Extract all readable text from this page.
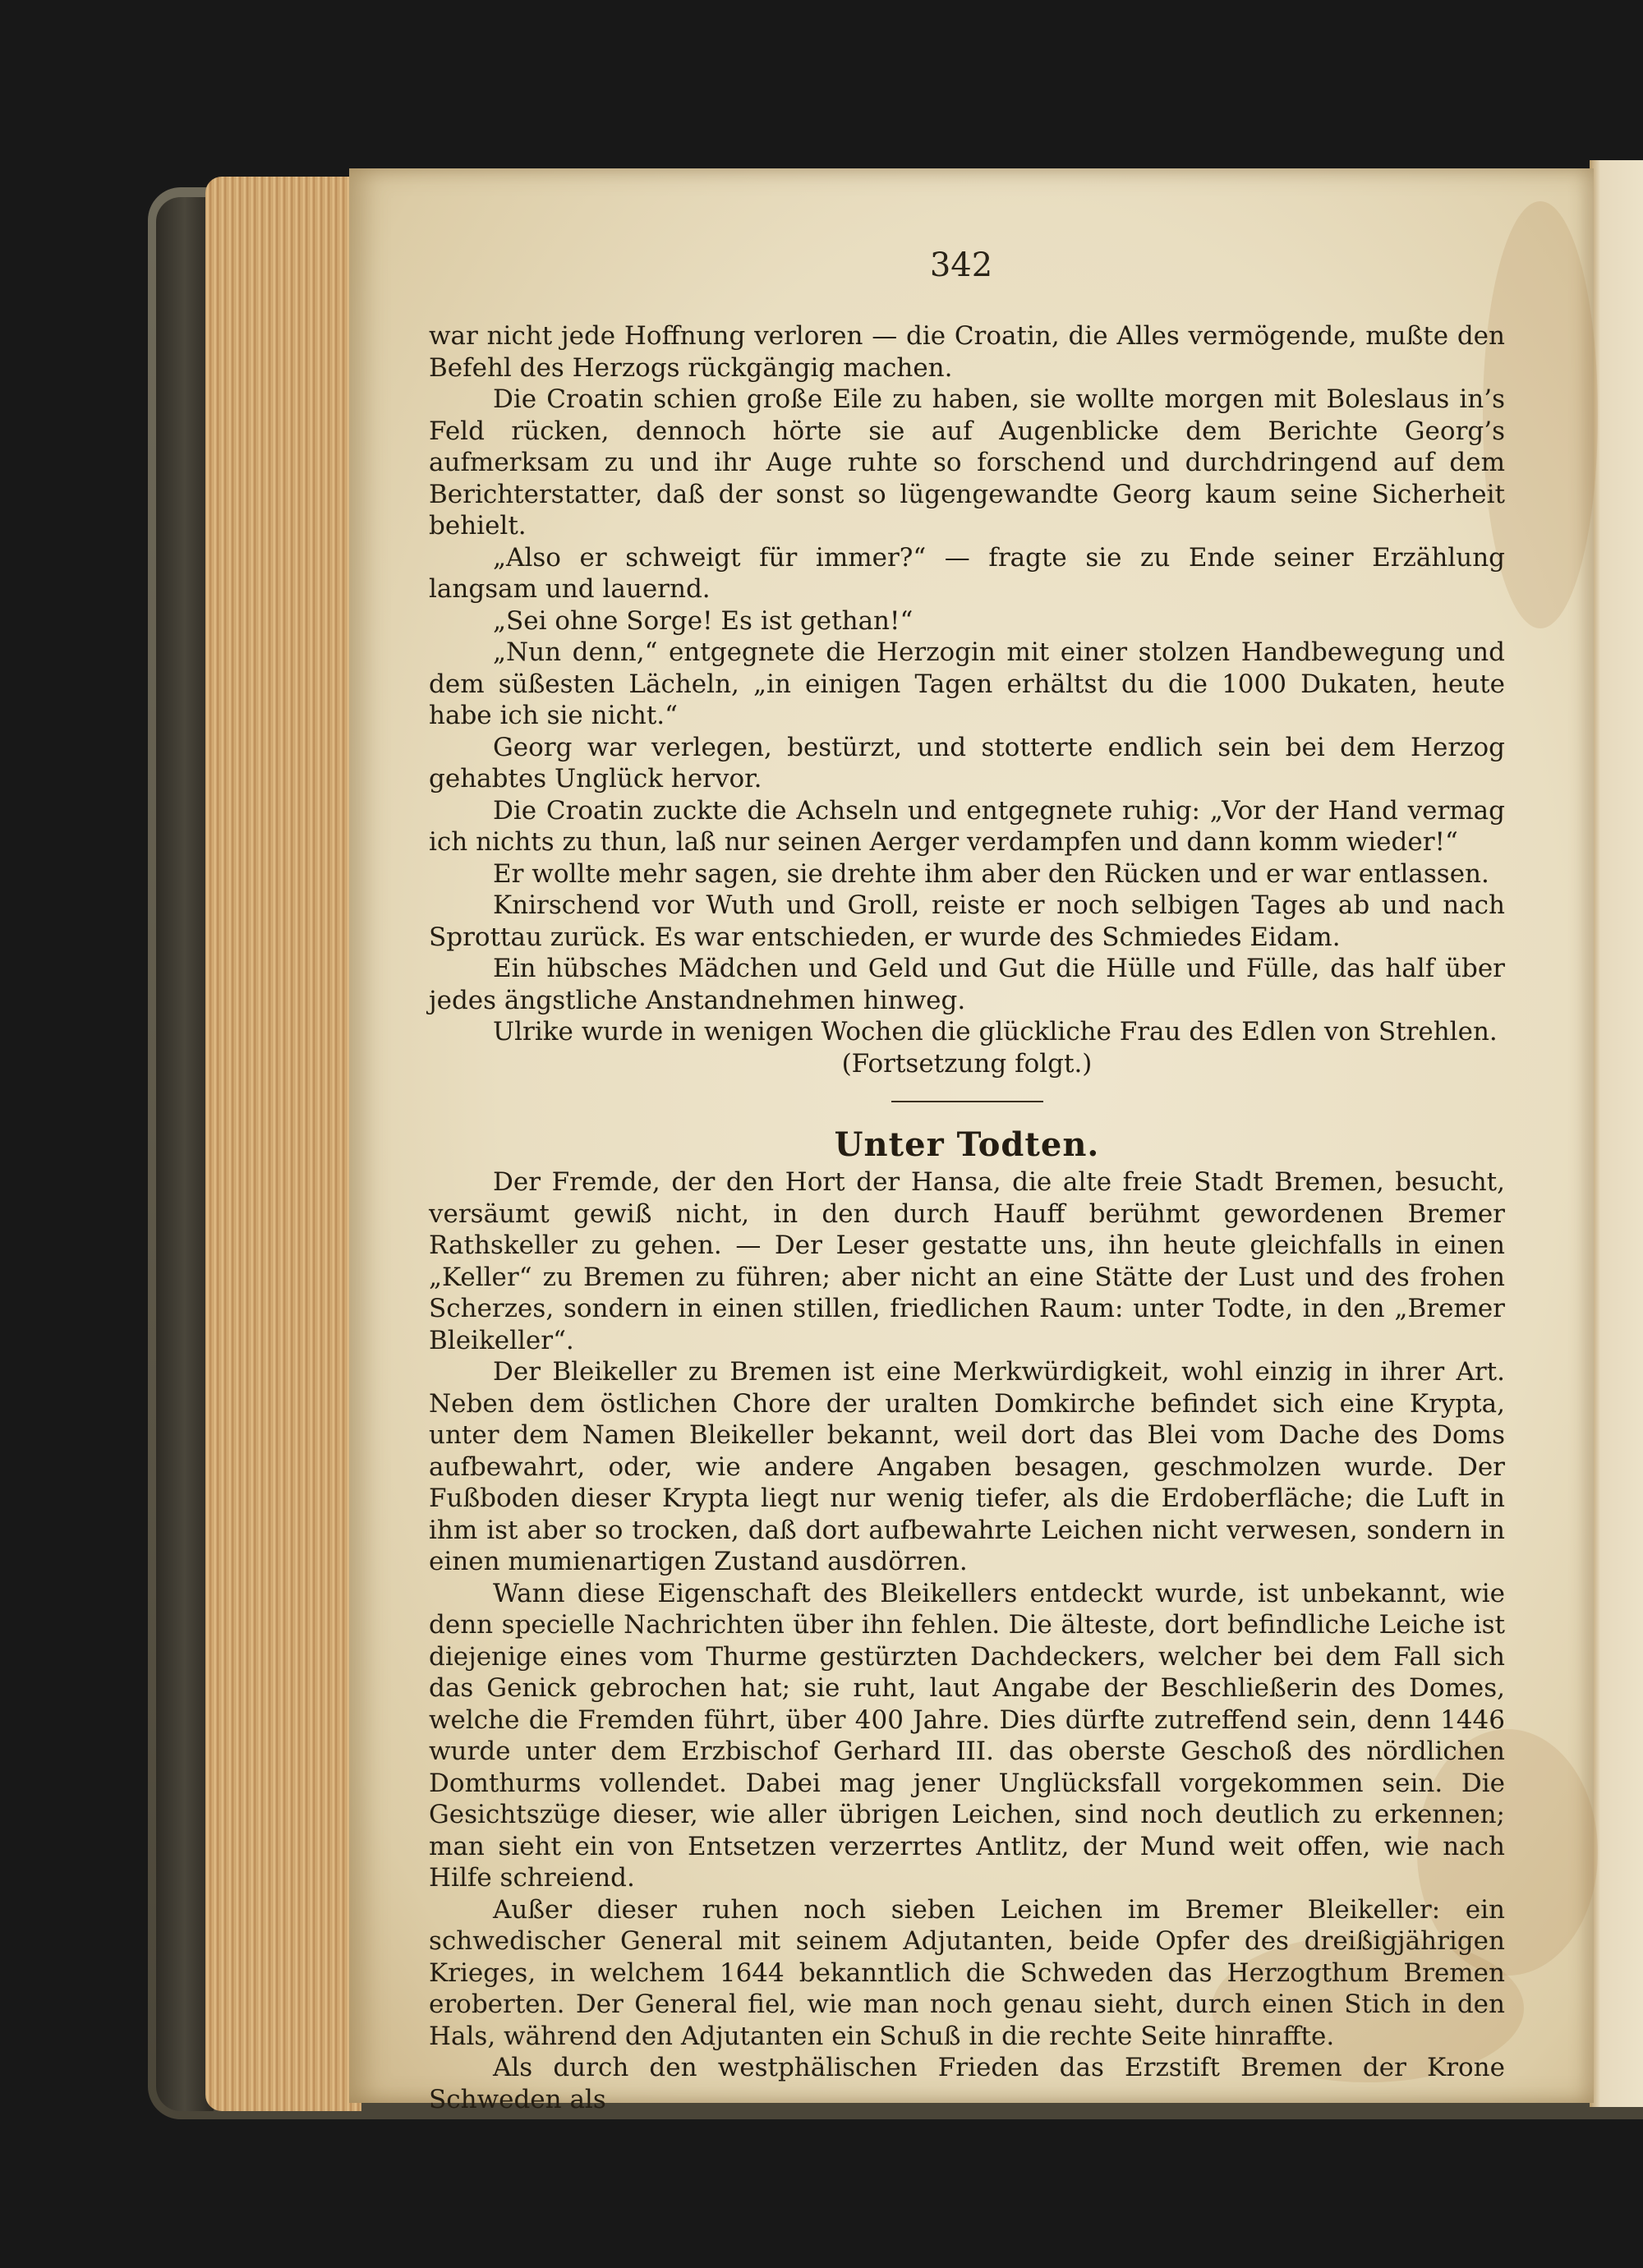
342

war nicht jede Hoffnung verloren — die Croatin, die Alles vermögende, mußte den Befehl des Herzogs rückgängig machen.

Die Croatin schien große Eile zu haben, sie wollte morgen mit Boleslaus in’s Feld rücken, dennoch hörte sie auf Augenblicke dem Berichte Georg’s aufmerksam zu und ihr Auge ruhte so forschend und durchdringend auf dem Berichterstatter, daß der sonst so lügengewandte Georg kaum seine Sicherheit behielt.

„Also er schweigt für immer?“ — fragte sie zu Ende seiner Erzählung langsam und lauernd.

„Sei ohne Sorge! Es ist gethan!“

„Nun denn,“ entgegnete die Herzogin mit einer stolzen Handbewegung und dem süßesten Lächeln, „in einigen Tagen erhältst du die 1000 Dukaten, heute habe ich sie nicht.“

Georg war verlegen, bestürzt, und stotterte endlich sein bei dem Herzog gehabtes Unglück hervor.

Die Croatin zuckte die Achseln und entgegnete ruhig: „Vor der Hand vermag ich nichts zu thun, laß nur seinen Aerger verdampfen und dann komm wieder!“

Er wollte mehr sagen, sie drehte ihm aber den Rücken und er war entlassen.

Knirschend vor Wuth und Groll, reiste er noch selbigen Tages ab und nach Sprottau zurück. Es war entschieden, er wurde des Schmiedes Eidam.

Ein hübsches Mädchen und Geld und Gut die Hülle und Fülle, das half über jedes ängstliche Anstandnehmen hinweg.

Ulrike wurde in wenigen Wochen die glückliche Frau des Edlen von Strehlen.

(Fortsetzung folgt.)

Unter Todten.

Der Fremde, der den Hort der Hansa, die alte freie Stadt Bremen, besucht, versäumt gewiß nicht, in den durch Hauff berühmt gewordenen Bremer Rathskeller zu gehen. — Der Leser gestatte uns, ihn heute gleichfalls in einen „Keller“ zu Bremen zu führen; aber nicht an eine Stätte der Lust und des frohen Scherzes, sondern in einen stillen, friedlichen Raum: unter Todte, in den „Bremer Bleikeller“.

Der Bleikeller zu Bremen ist eine Merkwürdigkeit, wohl einzig in ihrer Art. Neben dem östlichen Chore der uralten Domkirche befindet sich eine Krypta, unter dem Namen Bleikeller bekannt, weil dort das Blei vom Dache des Doms aufbewahrt, oder, wie andere Angaben besagen, geschmolzen wurde. Der Fußboden dieser Krypta liegt nur wenig tiefer, als die Erdoberfläche; die Luft in ihm ist aber so trocken, daß dort aufbewahrte Leichen nicht verwesen, sondern in einen mumienartigen Zustand ausdörren.

Wann diese Eigenschaft des Bleikellers entdeckt wurde, ist unbekannt, wie denn specielle Nachrichten über ihn fehlen. Die älteste, dort befindliche Leiche ist diejenige eines vom Thurme gestürzten Dachdeckers, welcher bei dem Fall sich das Genick gebrochen hat; sie ruht, laut Angabe der Beschließerin des Domes, welche die Fremden führt, über 400 Jahre. Dies dürfte zutreffend sein, denn 1446 wurde unter dem Erzbischof Gerhard III. das oberste Geschoß des nördlichen Domthurms vollendet. Dabei mag jener Unglücksfall vorgekommen sein. Die Gesichtszüge dieser, wie aller übrigen Leichen, sind noch deutlich zu erkennen; man sieht ein von Entsetzen verzerrtes Antlitz, der Mund weit offen, wie nach Hilfe schreiend.

Außer dieser ruhen noch sieben Leichen im Bremer Bleikeller: ein schwedischer General mit seinem Adjutanten, beide Opfer des dreißigjährigen Krieges, in welchem 1644 bekanntlich die Schweden das Herzogthum Bremen eroberten. Der General fiel, wie man noch genau sieht, durch einen Stich in den Hals, während den Adjutanten ein Schuß in die rechte Seite hinraffte.

Als durch den westphälischen Frieden das Erzstift Bremen der Krone Schweden als
